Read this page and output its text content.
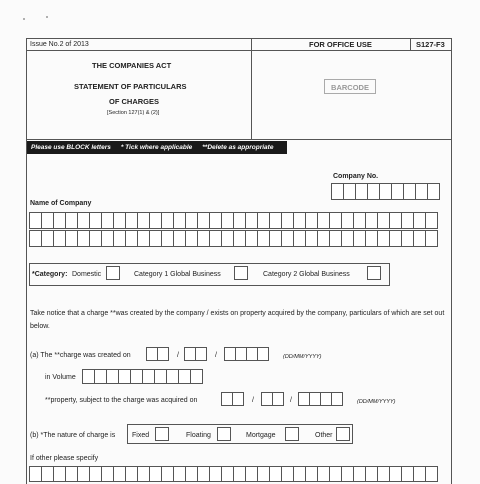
Issue No.2 of 2013	FOR OFFICE USE	S127-F3
THE COMPANIES ACT
STATEMENT OF PARTICULARS
OF CHARGES
[Section 127(1) & (2)]
BARCODE
Please use BLOCK letters * Tick where applicable **Delete as appropriate
Company No.
Name of Company
*Category: Domestic	Category 1 Global Business	Category 2 Global Business
Take notice that a charge **was created by the company / exists on property acquired by the company, particulars of which are set out below.
(a) The **charge was created on	/	/	(DD/MM/YYYY)
in Volume
**property, subject to the charge was acquired on	/	/	(DD/MM/YYYY)
(b) *The nature of charge is Fixed	Floating	Mortgage	Other
If other please specify
